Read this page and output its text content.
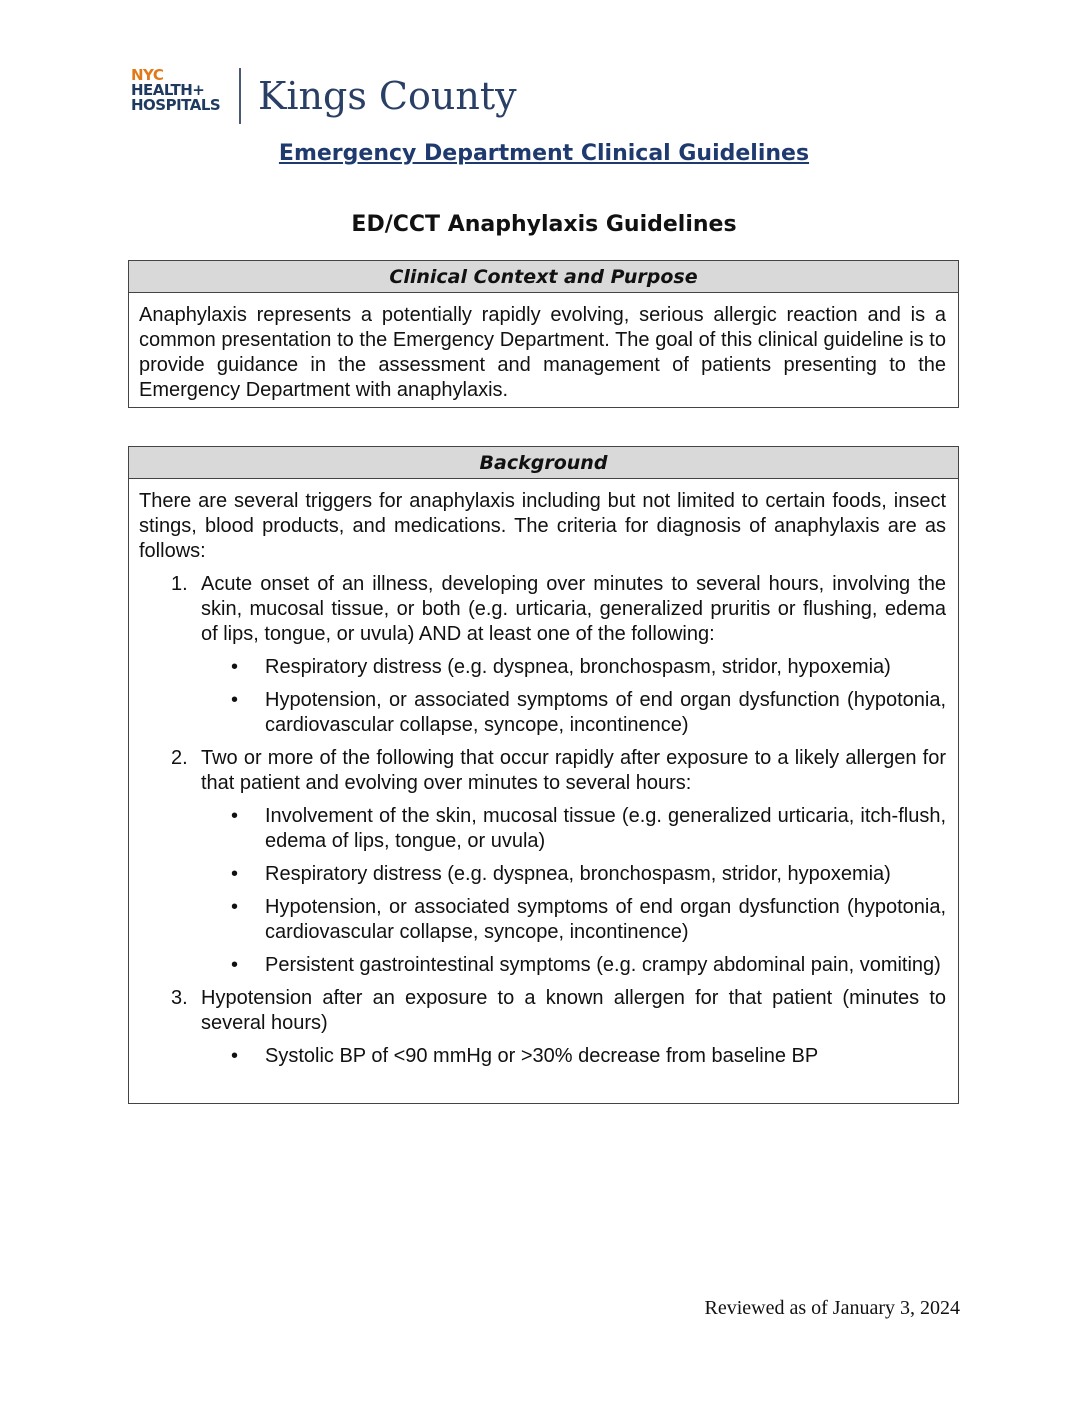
NYC
HEALTH+
HOSPITALS Kings County
Emergency Department Clinical Guidelines
ED/CCT Anaphylaxis Guidelines
Clinical Context and Purpose
Anaphylaxis represents a potentially rapidly evolving, serious allergic reaction and is a common presentation to the Emergency Department. The goal of this clinical guideline is to provide guidance in the assessment and management of patients presenting to the Emergency Department with anaphylaxis.
Background
There are several triggers for anaphylaxis including but not limited to certain foods, insect stings, blood products, and medications. The criteria for diagnosis of anaphylaxis are as follows:
1. Acute onset of an illness, developing over minutes to several hours, involving the skin, mucosal tissue, or both (e.g. urticaria, generalized pruritis or flushing, edema of lips, tongue, or uvula) AND at least one of the following:
• Respiratory distress (e.g. dyspnea, bronchospasm, stridor, hypoxemia)
• Hypotension, or associated symptoms of end organ dysfunction (hypotonia, cardiovascular collapse, syncope, incontinence)
2. Two or more of the following that occur rapidly after exposure to a likely allergen for that patient and evolving over minutes to several hours:
• Involvement of the skin, mucosal tissue (e.g. generalized urticaria, itch-flush, edema of lips, tongue, or uvula)
• Respiratory distress (e.g. dyspnea, bronchospasm, stridor, hypoxemia)
• Hypotension, or associated symptoms of end organ dysfunction (hypotonia, cardiovascular collapse, syncope, incontinence)
• Persistent gastrointestinal symptoms (e.g. crampy abdominal pain, vomiting)
3. Hypotension after an exposure to a known allergen for that patient (minutes to several hours)
• Systolic BP of <90 mmHg or >30% decrease from baseline BP
Reviewed as of January 3, 2024
